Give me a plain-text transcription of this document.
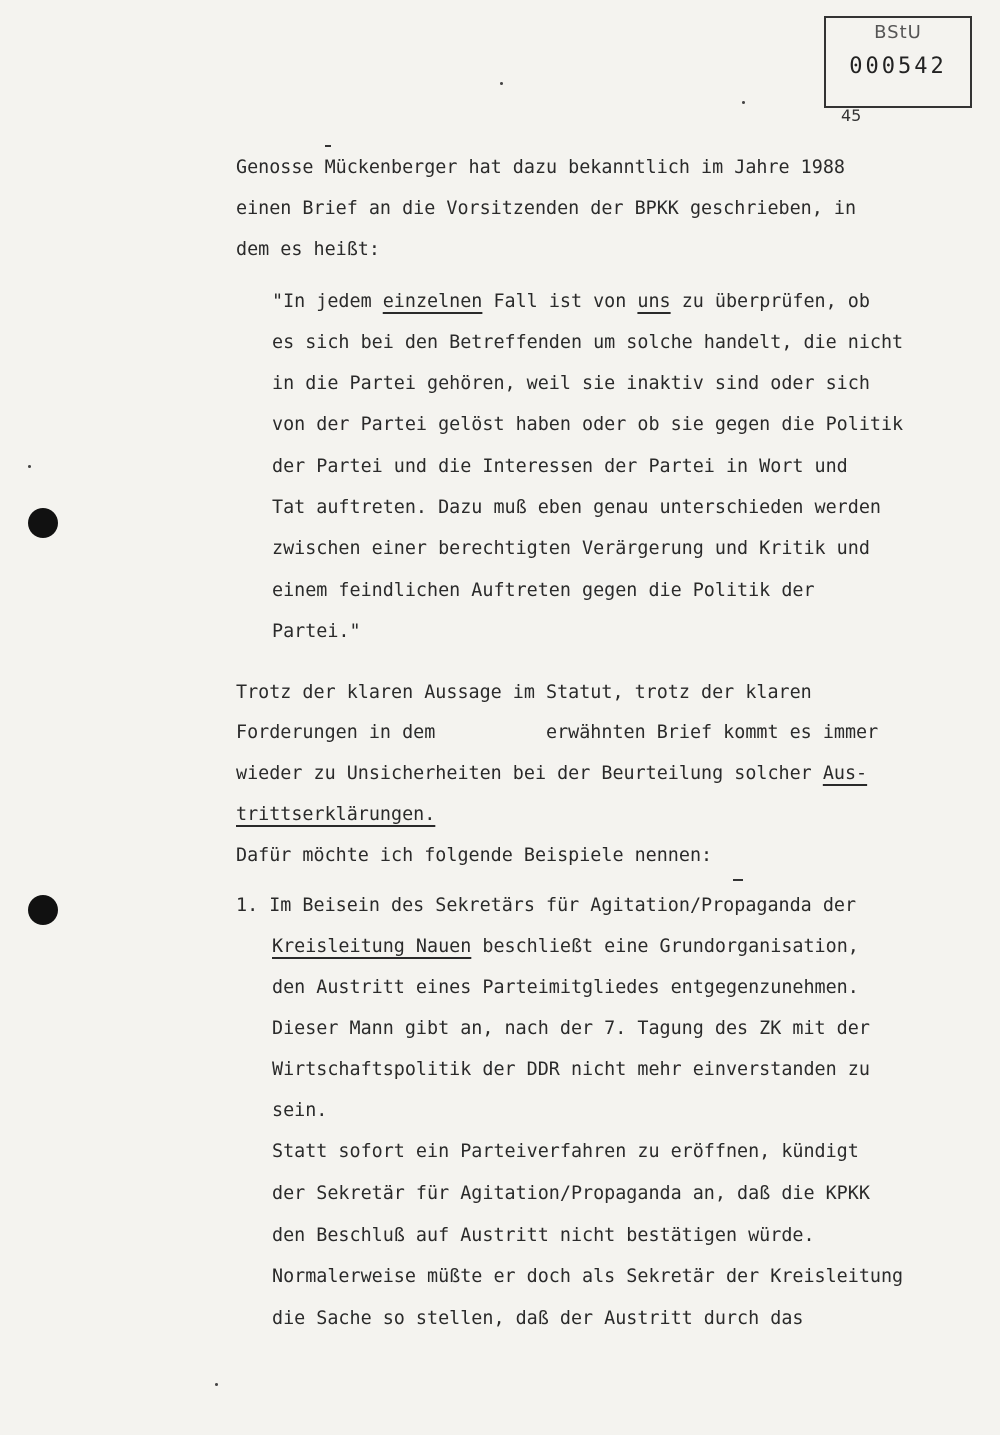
BStU
000542
45
Genosse Mückenberger hat dazu bekanntlich im Jahre 1988
einen Brief an die Vorsitzenden der BPKK geschrieben, in
dem es heißt:
"In jedem einzelnen Fall ist von uns zu überprüfen, ob
es sich bei den Betreffenden um solche handelt, die nicht
in die Partei gehören, weil sie inaktiv sind oder sich
von der Partei gelöst haben oder ob sie gegen die Politik
der Partei und die Interessen der Partei in Wort und
Tat auftreten. Dazu muß eben genau unterschieden werden
zwischen einer berechtigten Verärgerung und Kritik und
einem feindlichen Auftreten gegen die Politik der
Partei."
Trotz der klaren Aussage im Statut, trotz der klaren
Forderungen in dem          erwähnten Brief kommt es immer
wieder zu Unsicherheiten bei der Beurteilung solcher Aus-
trittserklärungen.
Dafür möchte ich folgende Beispiele nennen:
1. Im Beisein des Sekretärs für Agitation/Propaganda der
Kreisleitung Nauen beschließt eine Grundorganisation,
den Austritt eines Parteimitgliedes entgegenzunehmen.
Dieser Mann gibt an, nach der 7. Tagung des ZK mit der
Wirtschaftspolitik der DDR nicht mehr einverstanden zu
sein.
Statt sofort ein Parteiverfahren zu eröffnen, kündigt
der Sekretär für Agitation/Propaganda an, daß die KPKK
den Beschluß auf Austritt nicht bestätigen würde.
Normalerweise müßte er doch als Sekretär der Kreisleitung
die Sache so stellen, daß der Austritt durch das
